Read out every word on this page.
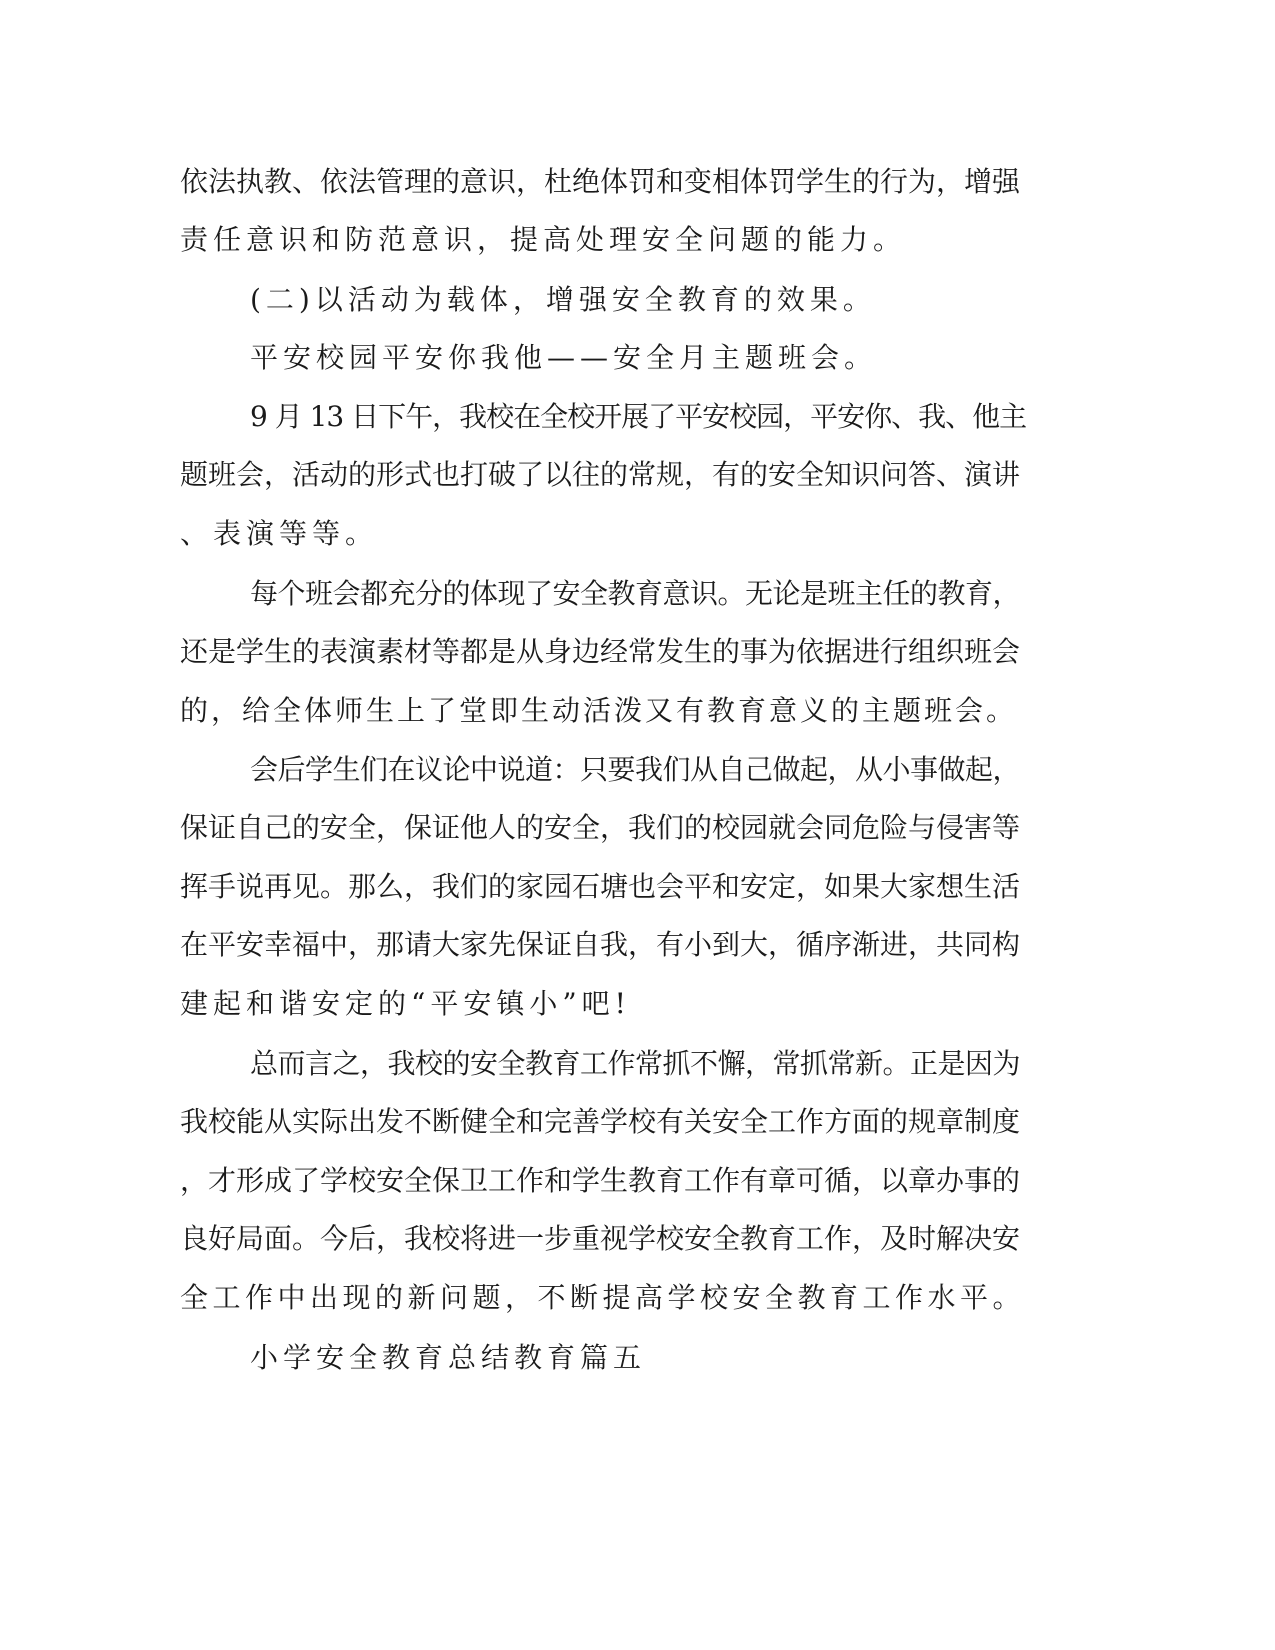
依法执教、依法管理的意识，杜绝体罚和变相体罚学生的行为，增强
责任意识和防范意识，提高处理安全问题的能力。
(二)以活动为载体，增强安全教育的效果。
平安校园平安你我他——安全月主题班会。
9 月 13 日下午，我校在全校开展了平安校园，平安你、我、他主
题班会，活动的形式也打破了以往的常规，有的安全知识问答、演讲
、表演等等。
每个班会都充分的体现了安全教育意识。无论是班主任的教育，
还是学生的表演素材等都是从身边经常发生的事为依据进行组织班会
的，给全体师生上了堂即生动活泼又有教育意义的主题班会。
会后学生们在议论中说道：只要我们从自己做起，从小事做起，
保证自己的安全，保证他人的安全，我们的校园就会同危险与侵害等
挥手说再见。那么，我们的家园石塘也会平和安定，如果大家想生活
在平安幸福中，那请大家先保证自我，有小到大，循序渐进，共同构
建起和谐安定的“平安镇小”吧!
总而言之，我校的安全教育工作常抓不懈，常抓常新。正是因为
我校能从实际出发不断健全和完善学校有关安全工作方面的规章制度
，才形成了学校安全保卫工作和学生教育工作有章可循，以章办事的
良好局面。今后，我校将进一步重视学校安全教育工作，及时解决安
全工作中出现的新问题，不断提高学校安全教育工作水平。
小学安全教育总结教育篇五
